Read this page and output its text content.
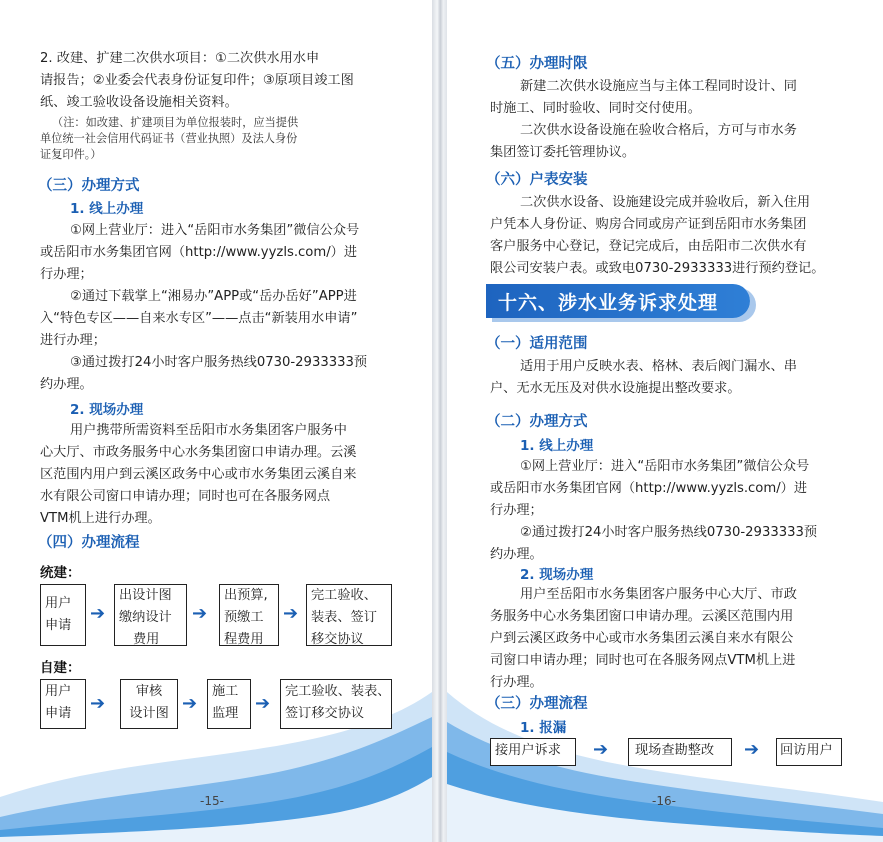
2. 改建、扩建二次供水项目：①二次供水用水申
请报告；②业委会代表身份证复印件；③原项目竣工图
纸、竣工验收设备设施相关资料。
（注：如改建、扩建项目为单位报装时，应当提供
单位统一社会信用代码证书（营业执照）及法人身份
证复印件。）
（三）办理方式
1. 线上办理
①网上营业厅：进入“岳阳市水务集团”微信公众号
或岳阳市水务集团官网（http://www.yyzls.com/）进
行办理；
②通过下载掌上“湘易办”APP或“岳办岳好”APP进
入“特色专区——自来水专区”——点击“新装用水申请”
进行办理；
③通过拨打24小时客户服务热线0730-2933333预
约办理。
2. 现场办理
用户携带所需资料至岳阳市水务集团客户服务中
心大厅、市政务服务中心水务集团窗口申请办理。云溪
区范围内用户到云溪区政务中心或市水务集团云溪自来
水有限公司窗口申请办理；同时也可在各服务网点
VTM机上进行办理。
（四）办理流程
统建：
用户
申请
➔
出设计图
缴纳设计
费用
➔
出预算,
预缴工
程费用
➔
完工验收、
装表、签订
移交协议
自建：
用户
申请	➔
审核
设计图 ➔
施工
监理 ➔
完工验收、装表、
签订移交协议
-15-
（五）办理时限
新建二次供水设施应当与主体工程同时设计、同
时施工、同时验收、同时交付使用。
二次供水设备设施在验收合格后，方可与市水务
集团签订委托管理协议。
（六）户表安装
二次供水设备、设施建设完成并验收后，新入住用
户凭本人身份证、购房合同或房产证到岳阳市水务集团
客户服务中心登记，登记完成后，由岳阳市二次供水有
限公司安装户表。或致电0730-2933333进行预约登记。
十六、涉水业务诉求处理
（一）适用范围
适用于用户反映水表、格林、表后阀门漏水、串
户、无水无压及对供水设施提出整改要求。
（二）办理方式
1. 线上办理
①网上营业厅：进入“岳阳市水务集团”微信公众号
或岳阳市水务集团官网（http://www.yyzls.com/）进
行办理；
②通过拨打24小时客户服务热线0730-2933333预
约办理。
2. 现场办理
用户至岳阳市水务集团客户服务中心大厅、市政
务服务中心水务集团窗口申请办理。云溪区范围内用
户到云溪区政务中心或市水务集团云溪自来水有限公
司窗口申请办理；同时也可在各服务网点VTM机上进
行办理。
（三）办理流程
1. 报漏
接用户诉求	➔ 现场查勘整改	➔ 回访用户
-16-
